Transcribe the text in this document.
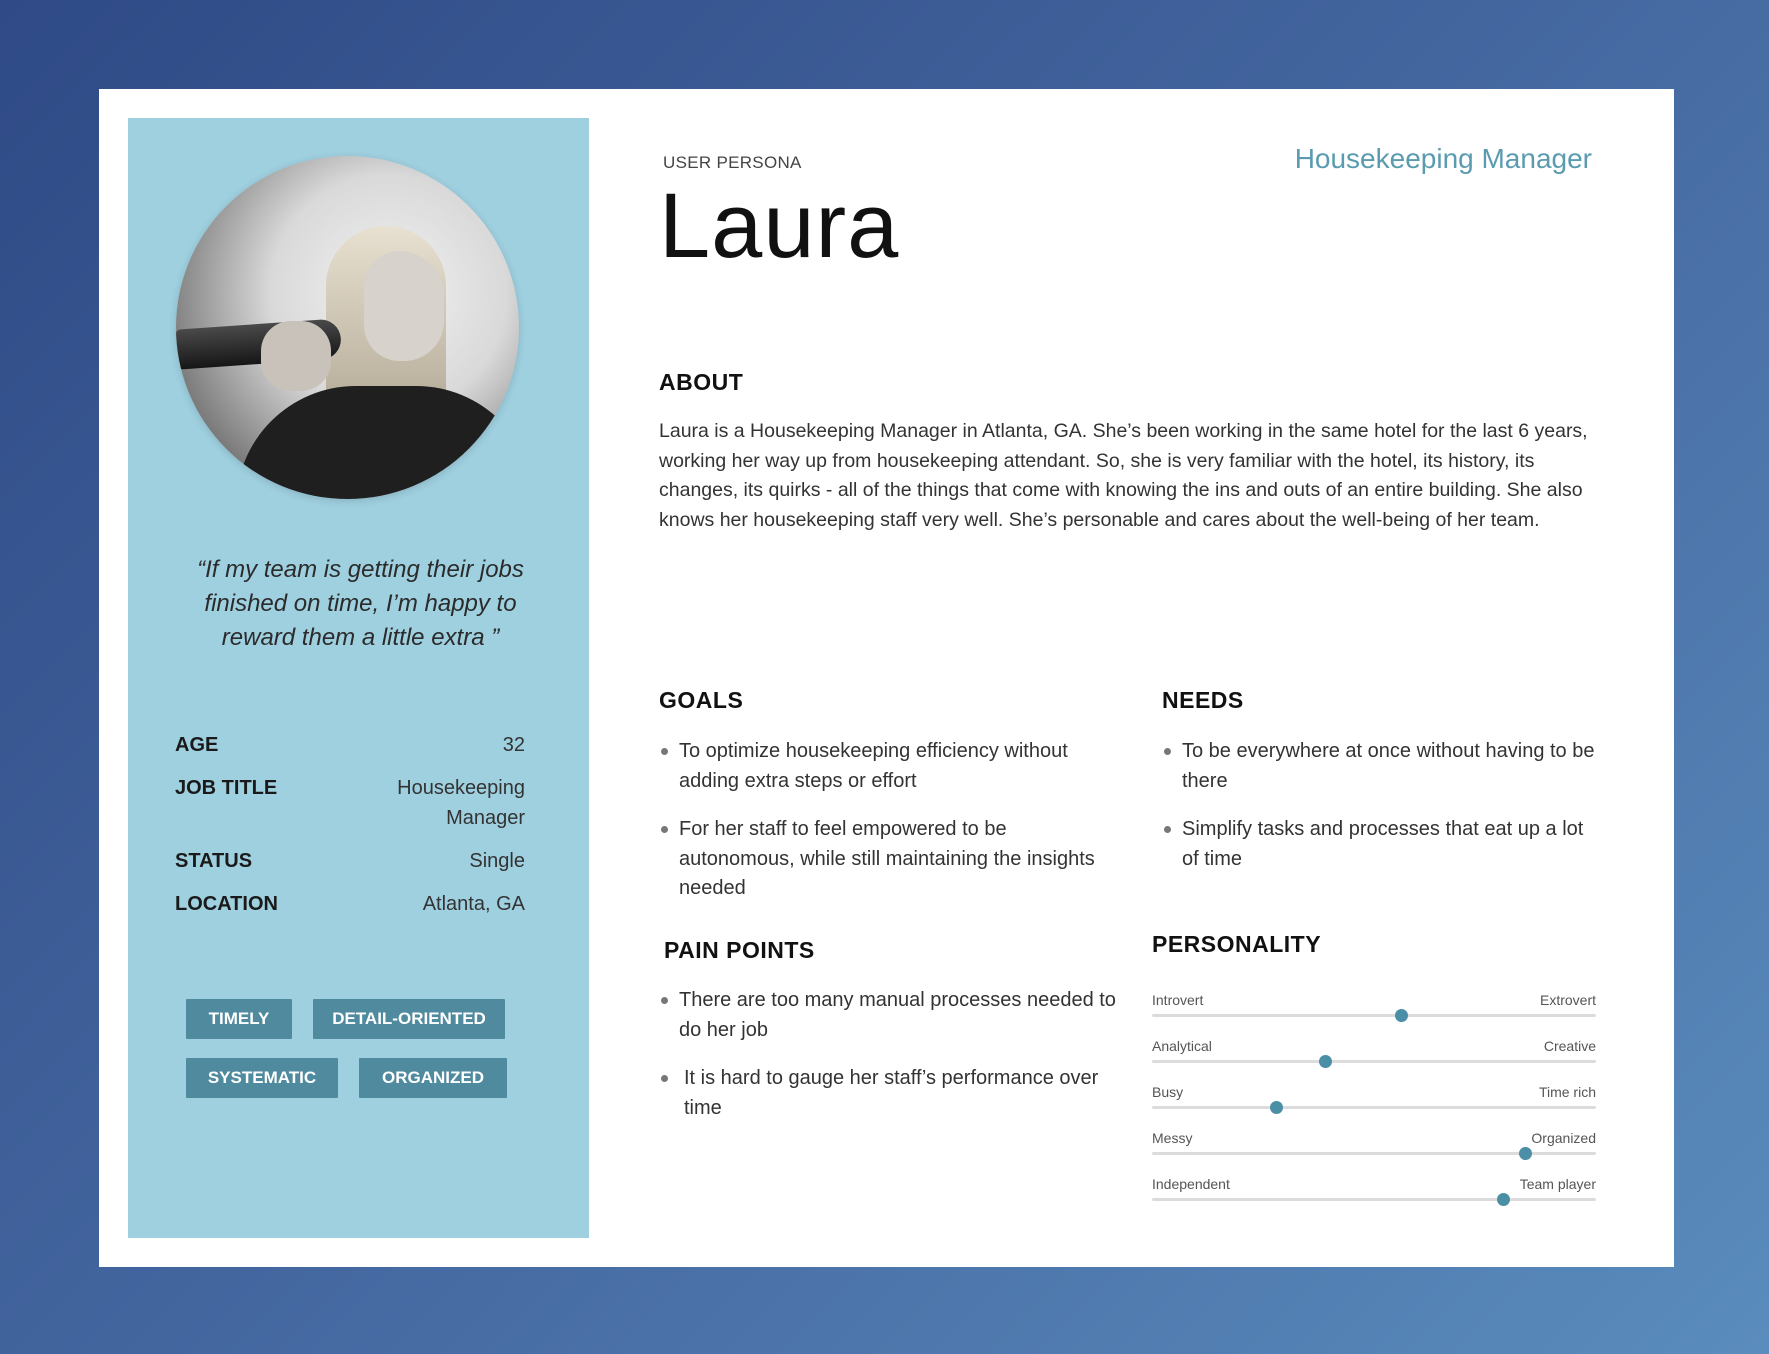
“If my team is getting their jobs finished on time, I’m happy to reward them a little extra ”
AGE	32
JOB TITLE	Housekeeping Manager
STATUS	Single
LOCATION	Atlanta, GA
TIMELY	DETAIL-ORIENTED
SYSTEMATIC	ORGANIZED
USER PERSONA
Laura
Housekeeping Manager
ABOUT
Laura is a Housekeeping Manager in Atlanta, GA. She’s been working in the same hotel for the last 6 years, working her way up from housekeeping attendant. So, she is very familiar with the hotel, its history, its changes, its quirks - all of the things that come with knowing the ins and outs of an entire building. She also knows her housekeeping staff very well. She’s personable and cares about the well-being of her team.
GOALS
To optimize housekeeping efficiency without adding extra steps or effort
For her staff to feel empowered to be autonomous, while still maintaining the insights needed
NEEDS
To be everywhere at once without having to be there
Simplify tasks and processes that eat up a lot of time
PAIN POINTS
There are too many manual processes needed to do her job
It is hard to gauge her staff’s performance over time
PERSONALITY
Introvert	Extrovert
Analytical	Creative
Busy	Time rich
Messy	Organized
Independent	Team player
